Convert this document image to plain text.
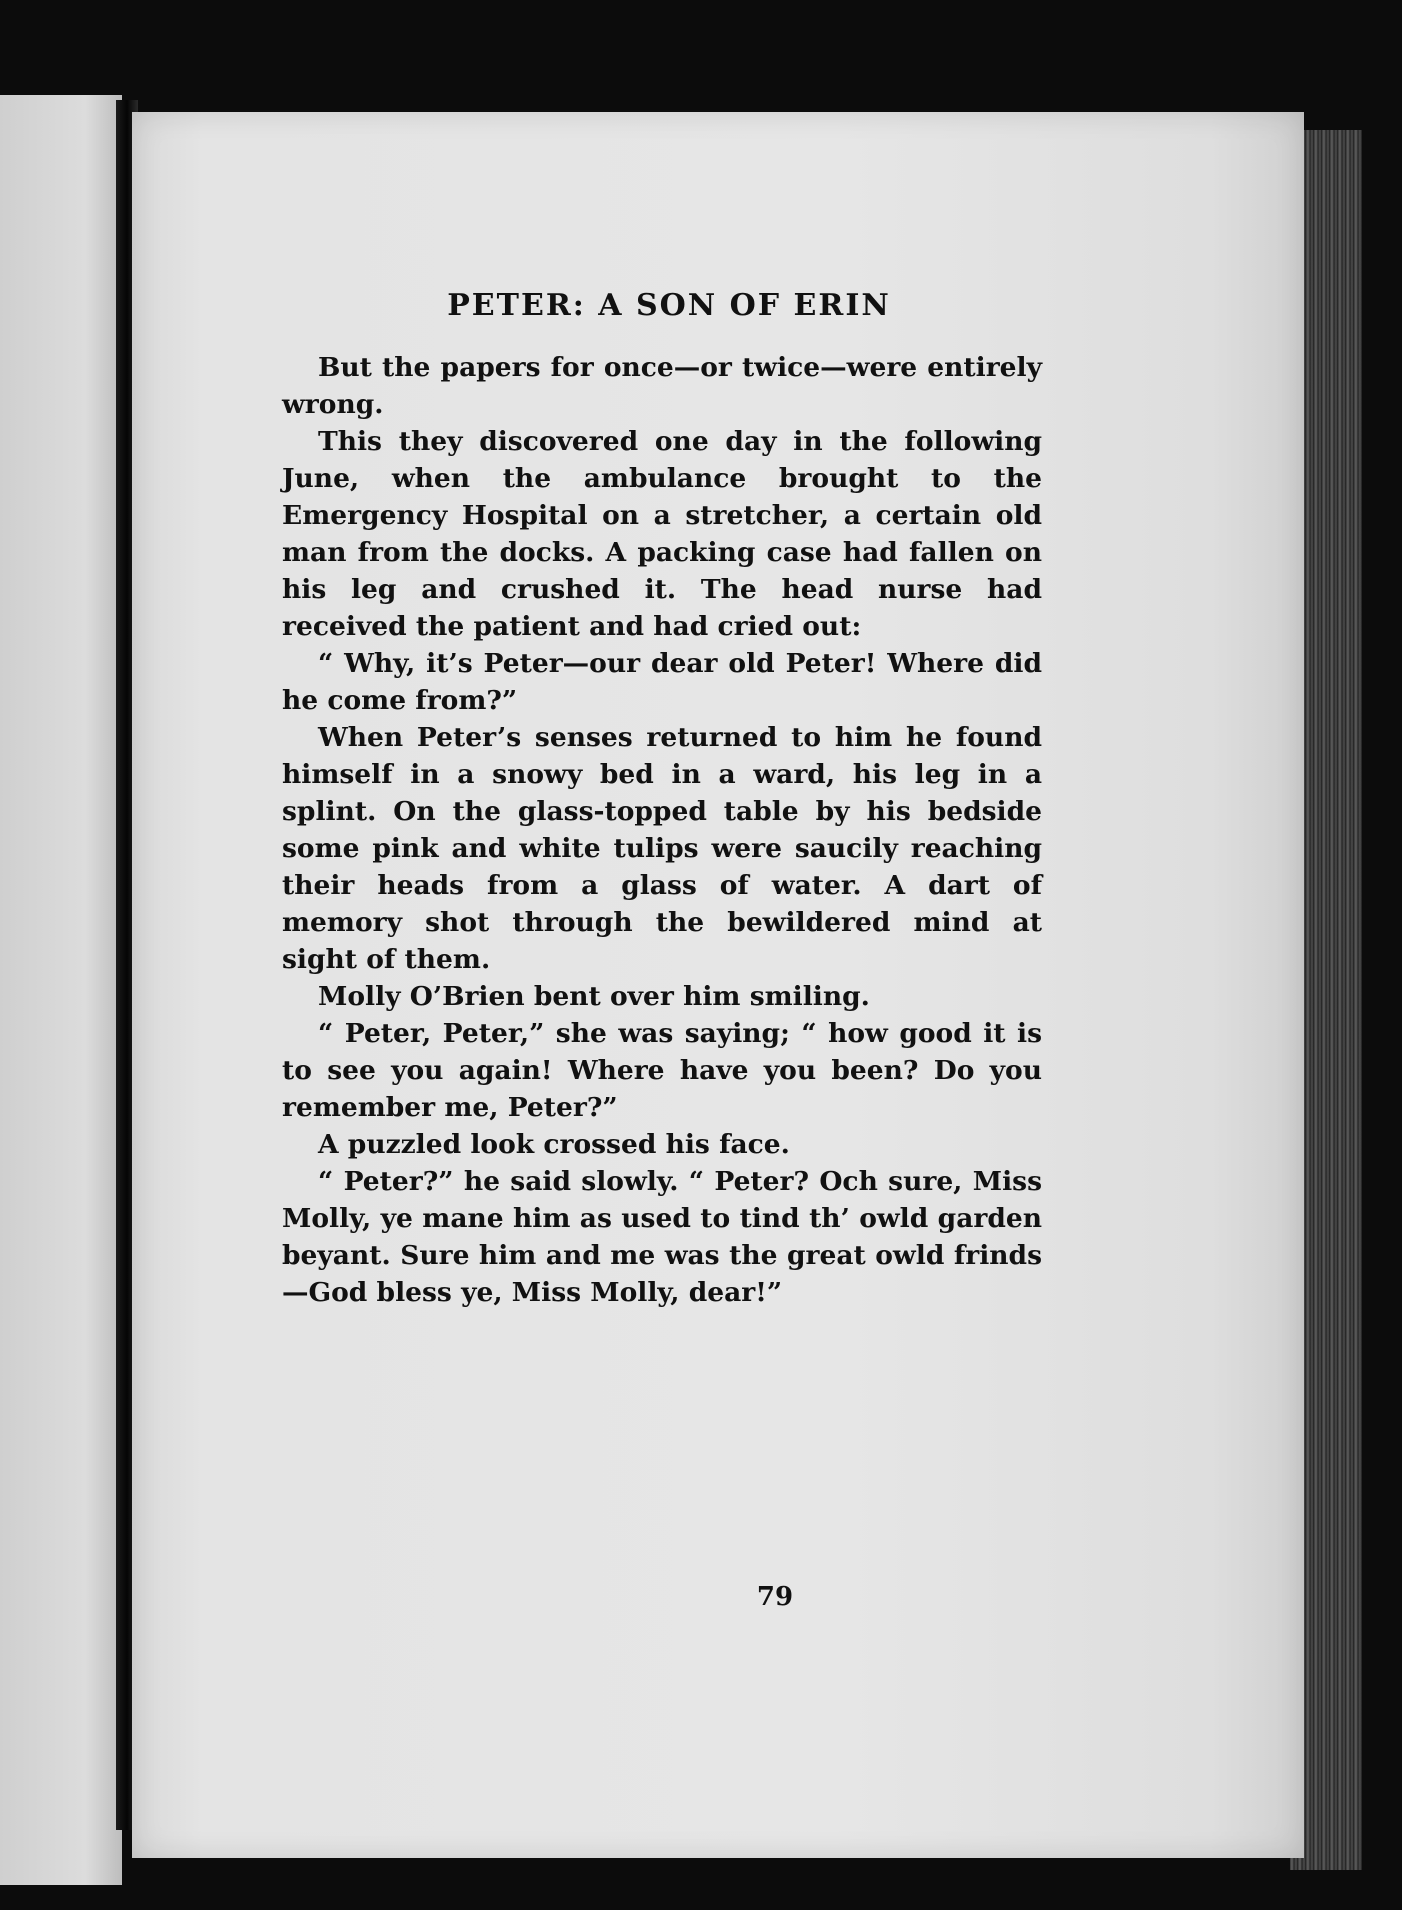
PETER: A SON OF ERIN

But the papers for once—or twice—were entirely wrong.

This they discovered one day in the following June, when the ambulance brought to the Emergency Hospital on a stretcher, a certain old man from the docks. A packing case had fallen on his leg and crushed it. The head nurse had received the patient and had cried out:

“ Why, it’s Peter—our dear old Peter! Where did he come from?”

When Peter’s senses returned to him he found himself in a snowy bed in a ward, his leg in a splint. On the glass-topped table by his bedside some pink and white tulips were saucily reaching their heads from a glass of water. A dart of memory shot through the bewildered mind at sight of them.

Molly O’Brien bent over him smiling.

“ Peter, Peter,” she was saying; “ how good it is to see you again! Where have you been? Do you remember me, Peter?”

A puzzled look crossed his face.

“ Peter?” he said slowly. “ Peter? Och sure, Miss Molly, ye mane him as used to tind th’ owld garden beyant. Sure him and me was the great owld frinds—God bless ye, Miss Molly, dear!”

79
